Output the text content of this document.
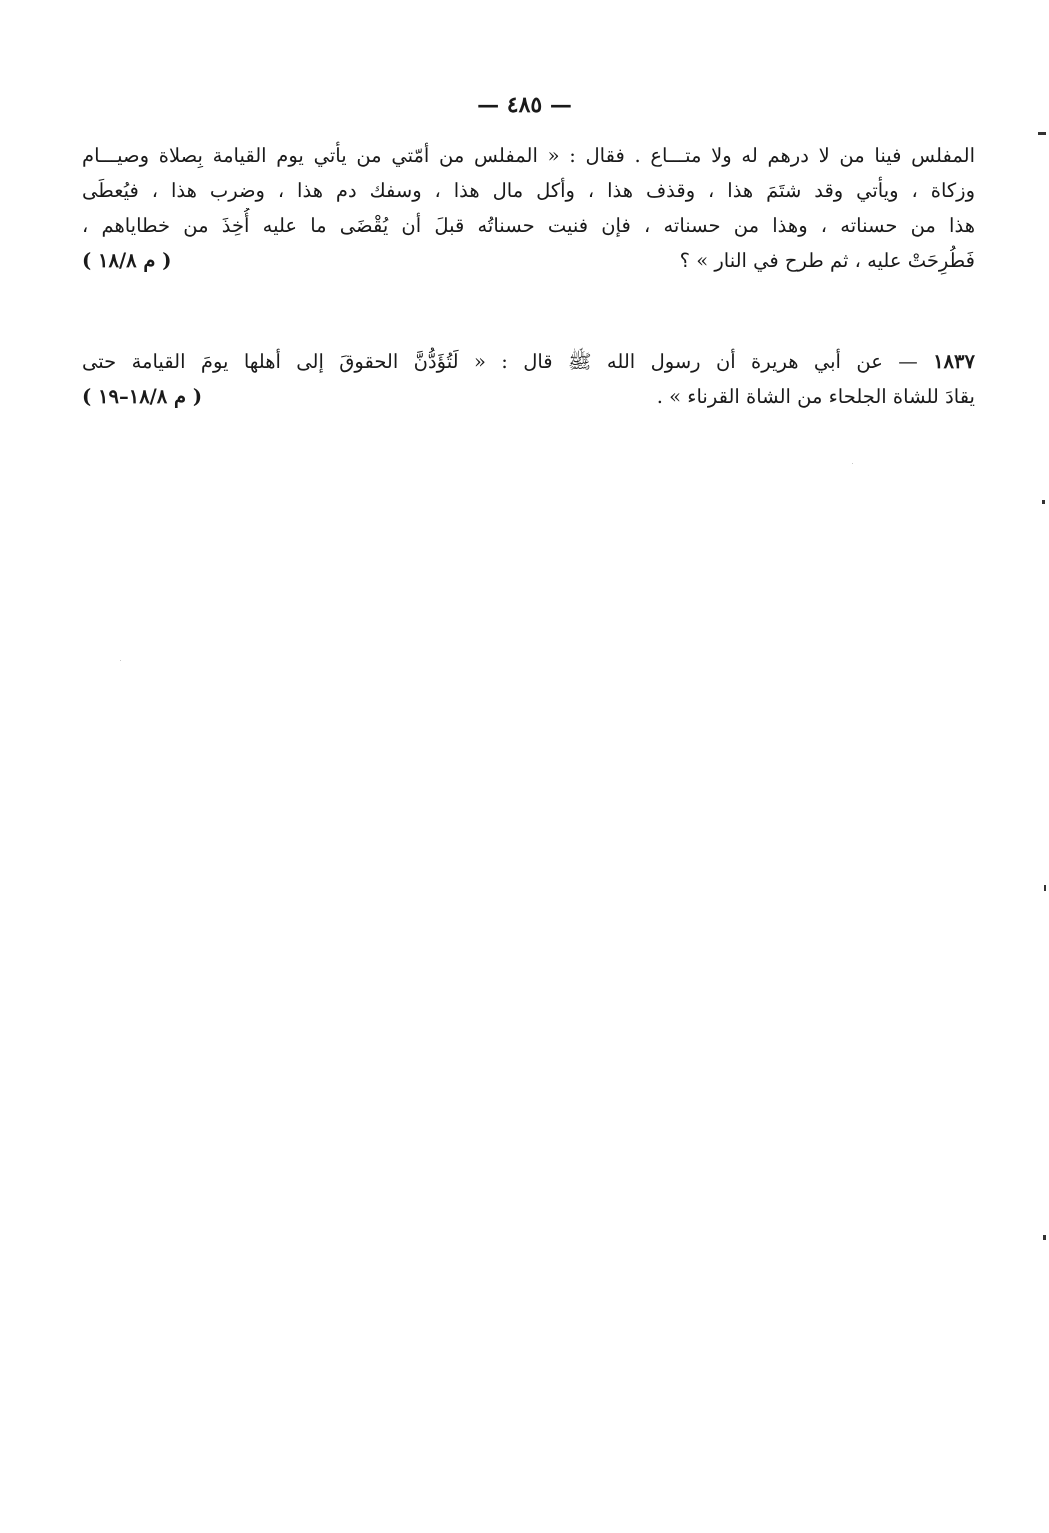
— ٤٨٥ —
المفلس فينا من لا درهم له ولا متـــاع . فقال : « المفلس من أمّتي من يأتي يوم القيامة بِصلاة وصيـــام
وزكاة ، ويأتي وقد شتَمَ هذا ، وقذف هذا ، وأكل مال هذا ، وسفك دم هذا ، وضرب هذا ، فيُعطَى
هذا من حسناته ، وهذا من حسناته ، فإن فنيت حسناتُه قبلَ أن يُقْضَى ما عليه أُخِذَ من خطاياهم ،
فَطُرِحَتْ عليه ، ثم طرح في النار » ؟
( م ١٨/٨ )
١٨٣٧ — عن أبي هريرة أن رسول الله ﷺ قال : « لَتُؤَدُّنَّ الحقوقَ إلى أهلها يومَ القيامة حتى
يقادَ للشاة الجلحاء من الشاة القرناء » .
( م ١٨/٨–١٩ )
